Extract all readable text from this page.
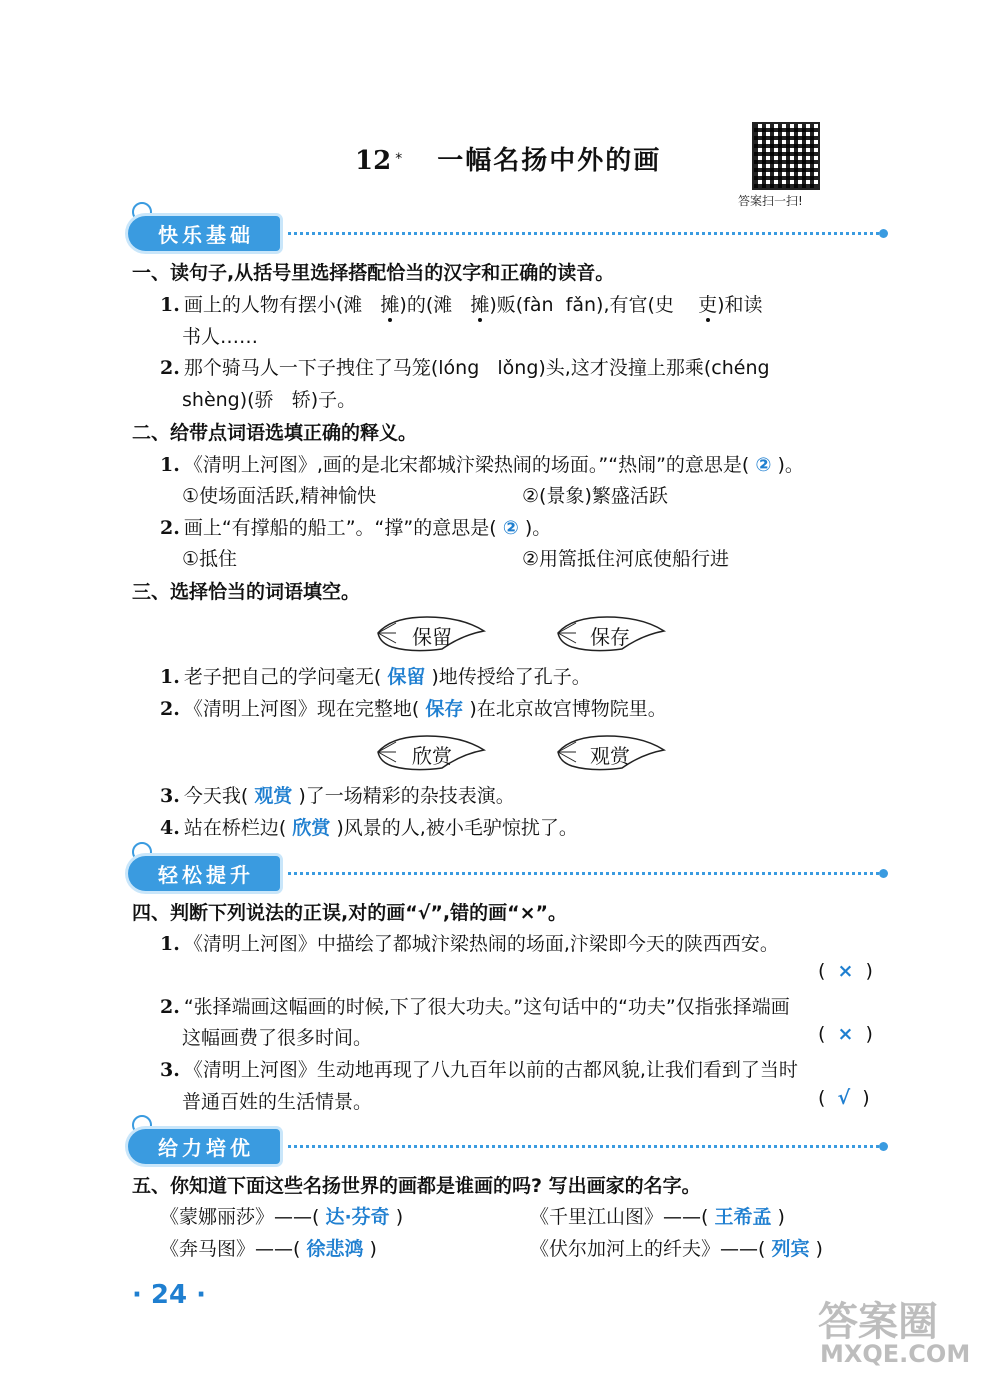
12 * 一幅名扬中外的画
答案扫一扫!
快乐基础
一、读句子,从括号里选择搭配恰当的汉字和正确的读音。
1. 画上的人物有摆小(滩 摊)的(滩 摊)贩(fàn fǎn),有官(史 吏)和读
书人……
2. 那个骑马人一下子拽住了马笼(lóng lǒng)头,这才没撞上那乘(chéng
shèng)(骄 轿)子。
二、给带点词语选填正确的释义。
1. 《清明上河图》,画的是北宋都城汴梁热闹的场面。”“热闹”的意思是( ② )。
①使场面活跃,精神愉快	②(景象)繁盛活跃
2. 画上“有撑船的船工”。“撑”的意思是( ② )。
①抵住	②用篙抵住河底使船行进
三、选择恰当的词语填空。
保留	保存
1. 老子把自己的学问毫无( 保留 )地传授给了孔子。
2. 《清明上河图》现在完整地( 保存 )在北京故宫博物院里。
欣赏	观赏
3. 今天我( 观赏 )了一场精彩的杂技表演。
4. 站在桥栏边( 欣赏 )风景的人,被小毛驴惊扰了。
轻松提升
四、判断下列说法的正误,对的画“√”,错的画“×”。
1. 《清明上河图》中描绘了都城汴梁热闹的场面,汴梁即今天的陕西西安。
( × )
2. “张择端画这幅画的时候,下了很大功夫。”这句话中的“功夫”仅指张择端画
这幅画费了很多时间。	( × )
3. 《清明上河图》生动地再现了八九百年以前的古都风貌,让我们看到了当时
普通百姓的生活情景。	( √ )
给力培优
五、你知道下面这些名扬世界的画都是谁画的吗? 写出画家的名字。
《蒙娜丽莎》——( 达·芬奇 )	《千里江山图》——( 王希孟 )
《奔马图》——( 徐悲鸿 )	《伏尔加河上的纤夫》——( 列宾 )
· 24 ·
答案圈
MXQE.COM
